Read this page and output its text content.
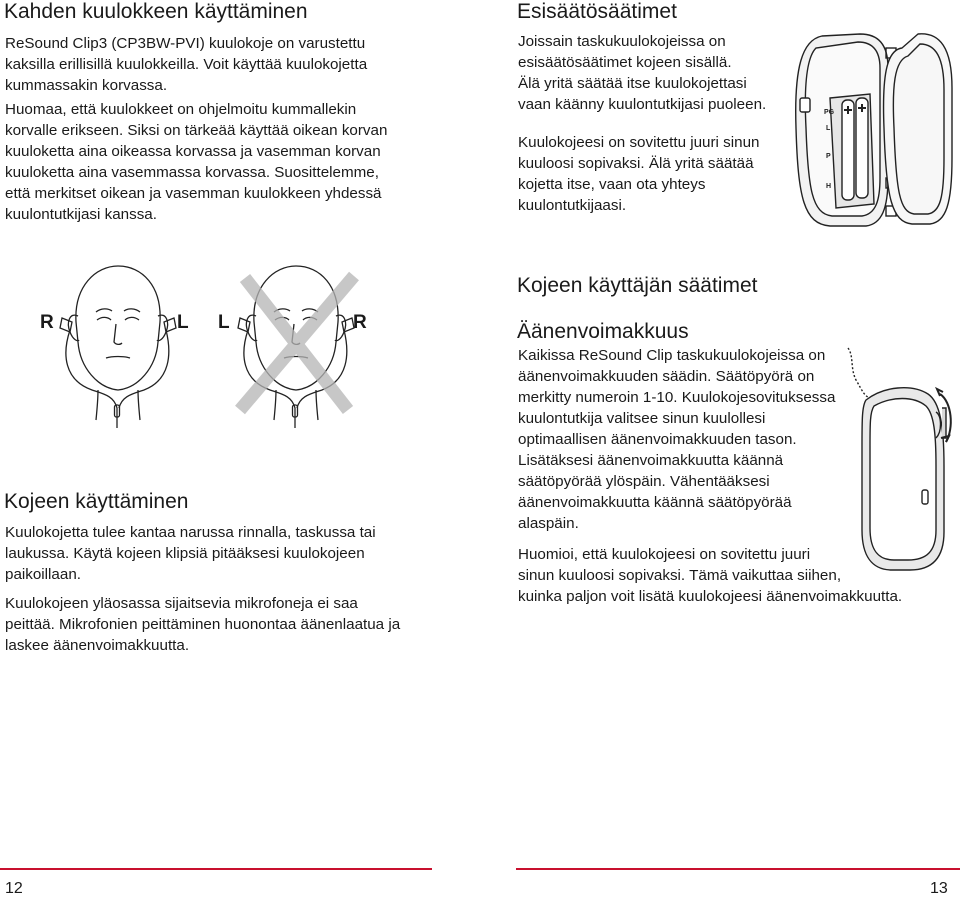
Kahden kuulokkeen käyttäminen
ReSound Clip3 (CP3BW-PVI) kuulokoje on varustettu
kaksilla erillisillä kuulokkeilla. Voit käyttää kuulokojetta
kummassakin korvassa.
Huomaa, että kuulokkeet on ohjelmoitu kummallekin
korvalle erikseen. Siksi on tärkeää käyttää oikean korvan
kuuloketta aina oikeassa korvassa ja vasemman korvan
kuuloketta aina vasemmassa korvassa. Suosittelemme,
että merkitset oikean ja vasemman kuulokkeen yhdessä
kuulontutkijasi kanssa.
R	L L	R
Kojeen käyttäminen
Kuulokojetta tulee kantaa narussa rinnalla, taskussa tai
laukussa. Käytä kojeen klipsiä pitääksesi kuulokojeen
paikoillaan.
Kuulokojeen yläosassa sijaitsevia mikrofoneja ei saa
peittää. Mikrofonien peittäminen huonontaa äänenlaatua ja
laskee äänenvoimakkuutta.
12
Esisäätösäätimet
Joissain taskukuulokojeissa on
esisäätösäätimet kojeen sisällä.
Älä yritä säätää itse kuulokojettasi
vaan käänny kuulontutkijasi puoleen.
Kuulokojeesi on sovitettu juuri sinun
kuuloosi sopivaksi. Älä yritä säätää
kojetta itse, vaan ota yhteys
kuulontutkijaasi.
PG
L
P
H
Kojeen käyttäjän säätimet
Äänenvoimakkuus
Kaikissa ReSound Clip taskukuulokojeissa on
äänenvoimakkuuden säädin. Säätöpyörä on
merkitty numeroin 1-10. Kuulokojesovituksessa
kuulontutkija valitsee sinun kuulollesi
optimaallisen äänenvoimakkuuden tason.
Lisätäksesi äänenvoimakkuutta käännä
säätöpyörää ylöspäin. Vähentääksesi
äänenvoimakkuutta käännä säätöpyörää
alaspäin.
Huomioi, että kuulokojeesi on sovitettu juuri
sinun kuuloosi sopivaksi. Tämä vaikuttaa siihen,
kuinka paljon voit lisätä kuulokojeesi äänenvoimakkuutta.
13
